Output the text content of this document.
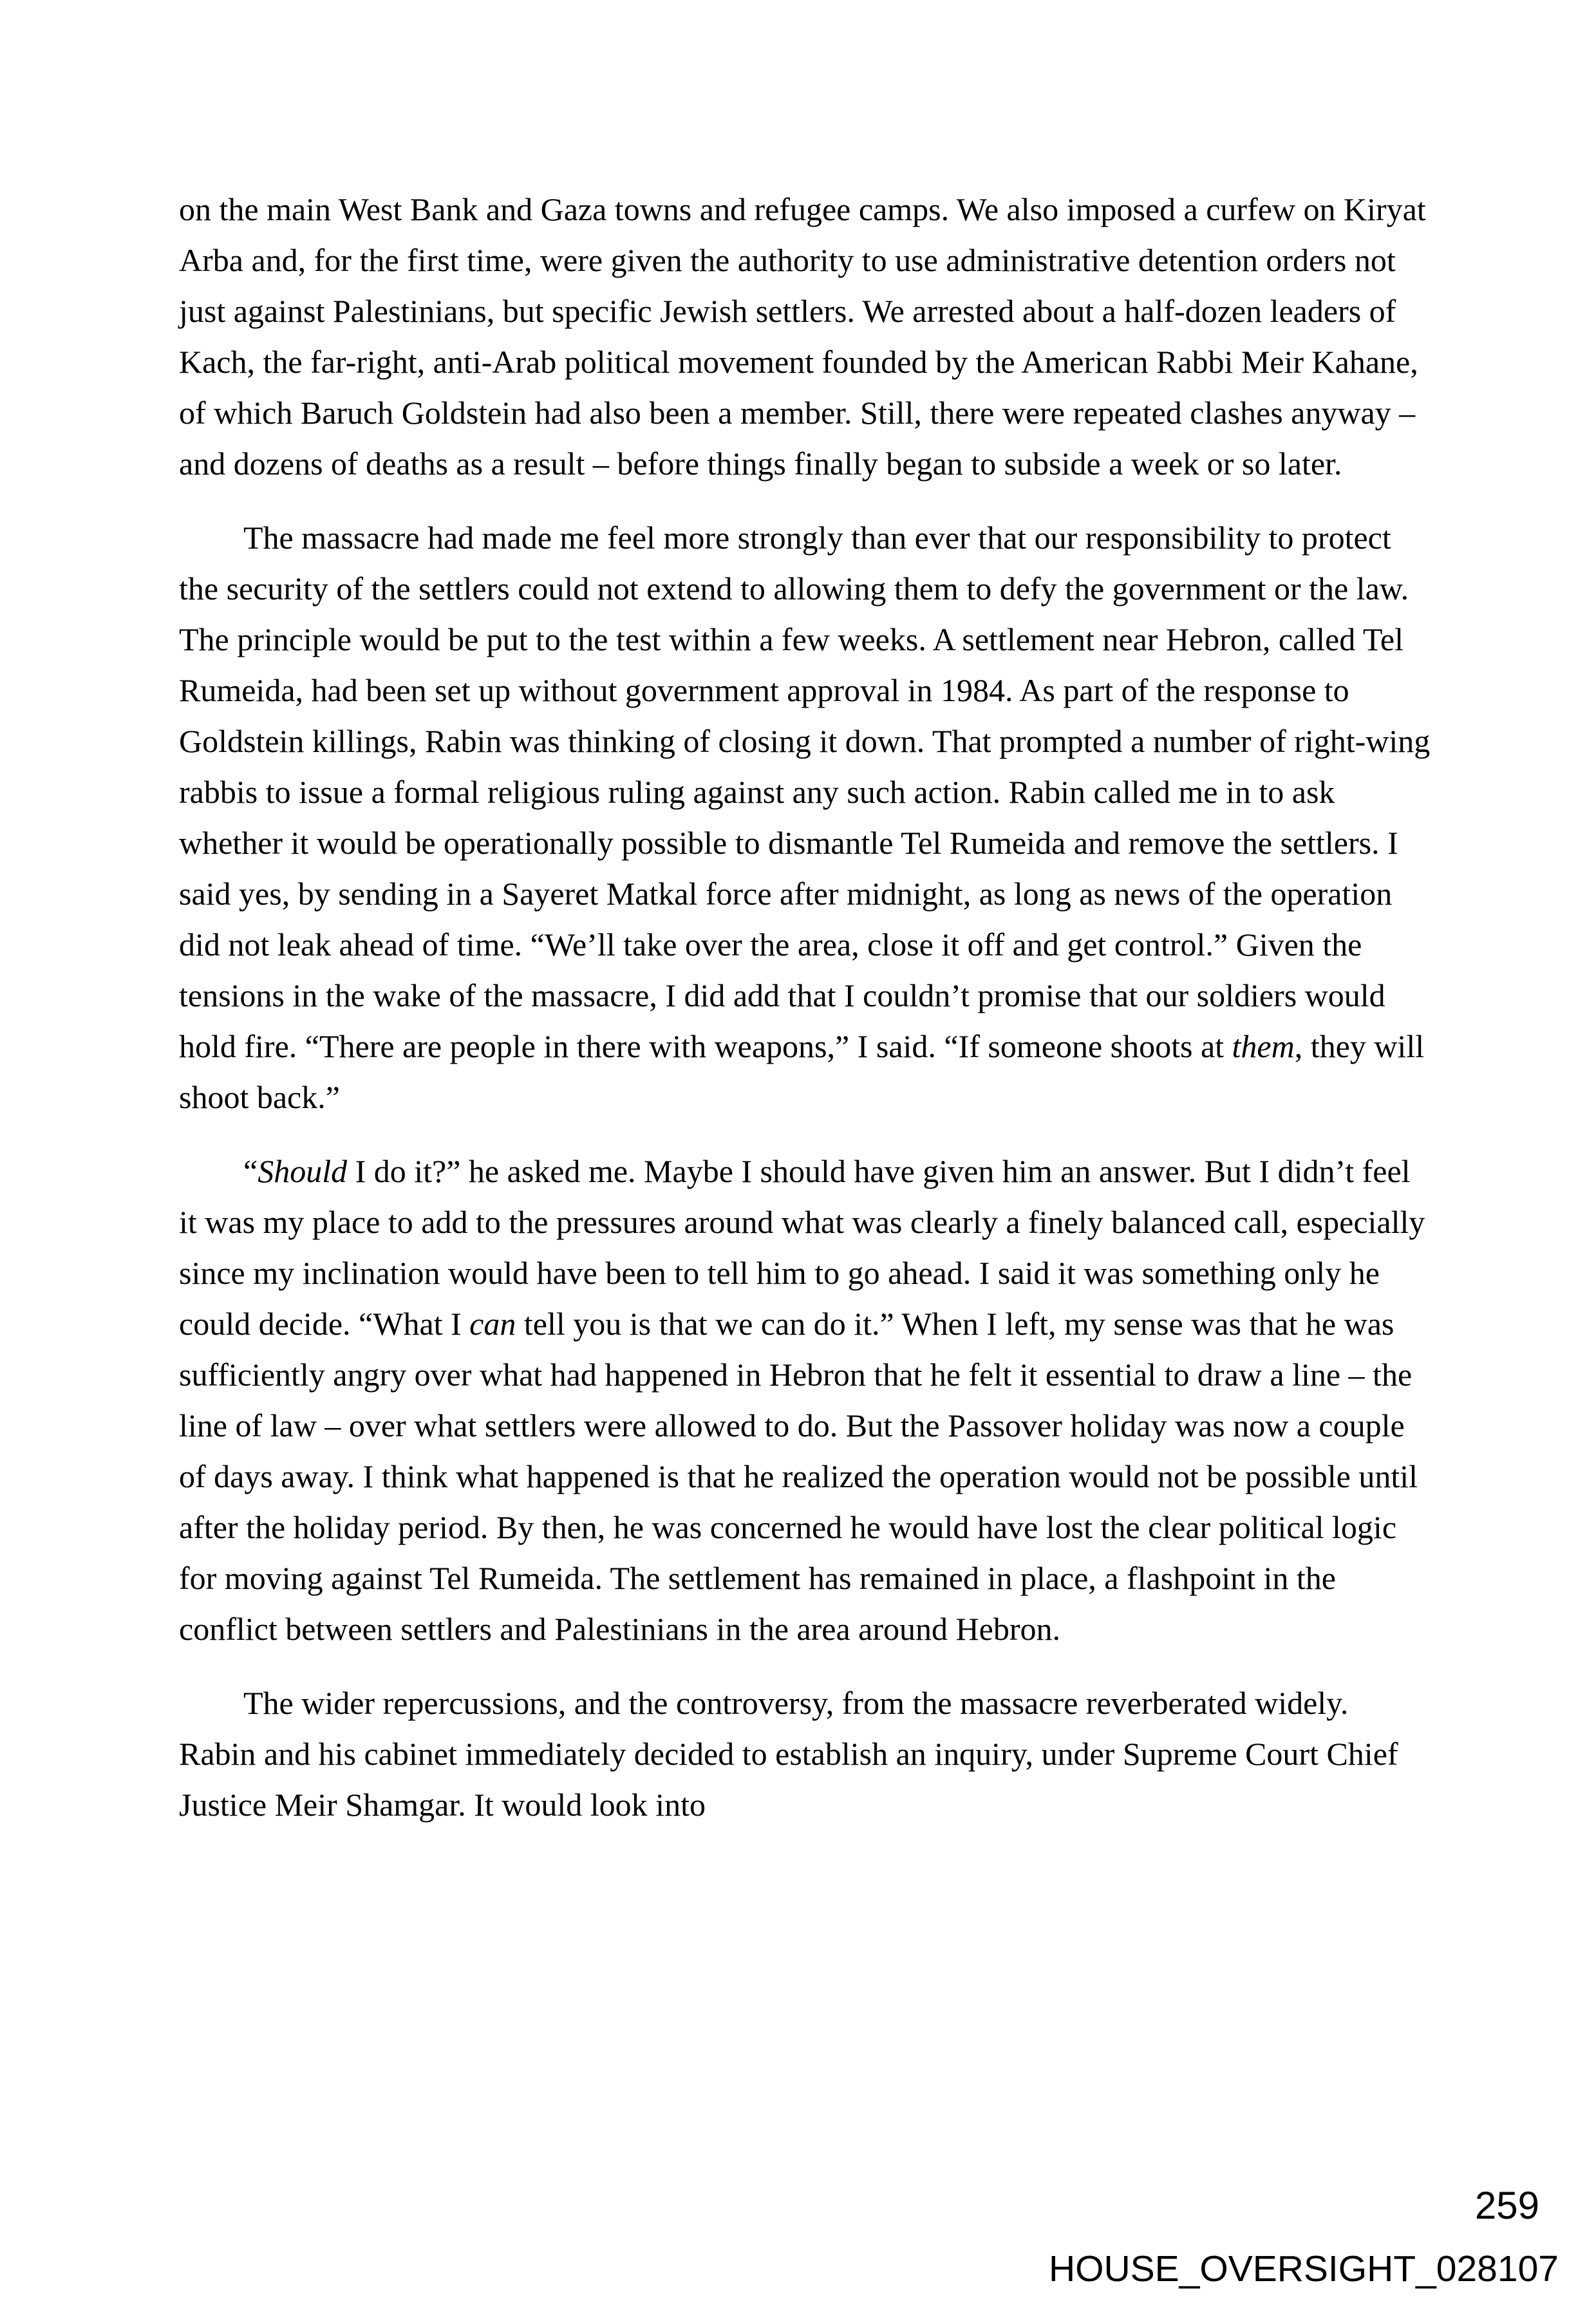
on the main West Bank and Gaza towns and refugee camps. We also imposed a curfew on Kiryat Arba and, for the first time, were given the authority to use administrative detention orders not just against Palestinians, but specific Jewish settlers. We arrested about a half-dozen leaders of Kach, the far-right, anti-Arab political movement founded by the American Rabbi Meir Kahane, of which Baruch Goldstein had also been a member. Still, there were repeated clashes anyway – and dozens of deaths as a result – before things finally began to subside a week or so later.

The massacre had made me feel more strongly than ever that our responsibility to protect the security of the settlers could not extend to allowing them to defy the government or the law. The principle would be put to the test within a few weeks. A settlement near Hebron, called Tel Rumeida, had been set up without government approval in 1984. As part of the response to Goldstein killings, Rabin was thinking of closing it down. That prompted a number of right-wing rabbis to issue a formal religious ruling against any such action. Rabin called me in to ask whether it would be operationally possible to dismantle Tel Rumeida and remove the settlers. I said yes, by sending in a Sayeret Matkal force after midnight, as long as news of the operation did not leak ahead of time. “We’ll take over the area, close it off and get control.” Given the tensions in the wake of the massacre, I did add that I couldn’t promise that our soldiers would hold fire. “There are people in there with weapons,” I said. “If someone shoots at them, they will shoot back.”

“Should I do it?” he asked me. Maybe I should have given him an answer. But I didn’t feel it was my place to add to the pressures around what was clearly a finely balanced call, especially since my inclination would have been to tell him to go ahead. I said it was something only he could decide. “What I can tell you is that we can do it.” When I left, my sense was that he was sufficiently angry over what had happened in Hebron that he felt it essential to draw a line – the line of law – over what settlers were allowed to do. But the Passover holiday was now a couple of days away. I think what happened is that he realized the operation would not be possible until after the holiday period. By then, he was concerned he would have lost the clear political logic for moving against Tel Rumeida. The settlement has remained in place, a flashpoint in the conflict between settlers and Palestinians in the area around Hebron.

The wider repercussions, and the controversy, from the massacre reverberated widely. Rabin and his cabinet immediately decided to establish an inquiry, under Supreme Court Chief Justice Meir Shamgar. It would look into

259
HOUSE_OVERSIGHT_028107
